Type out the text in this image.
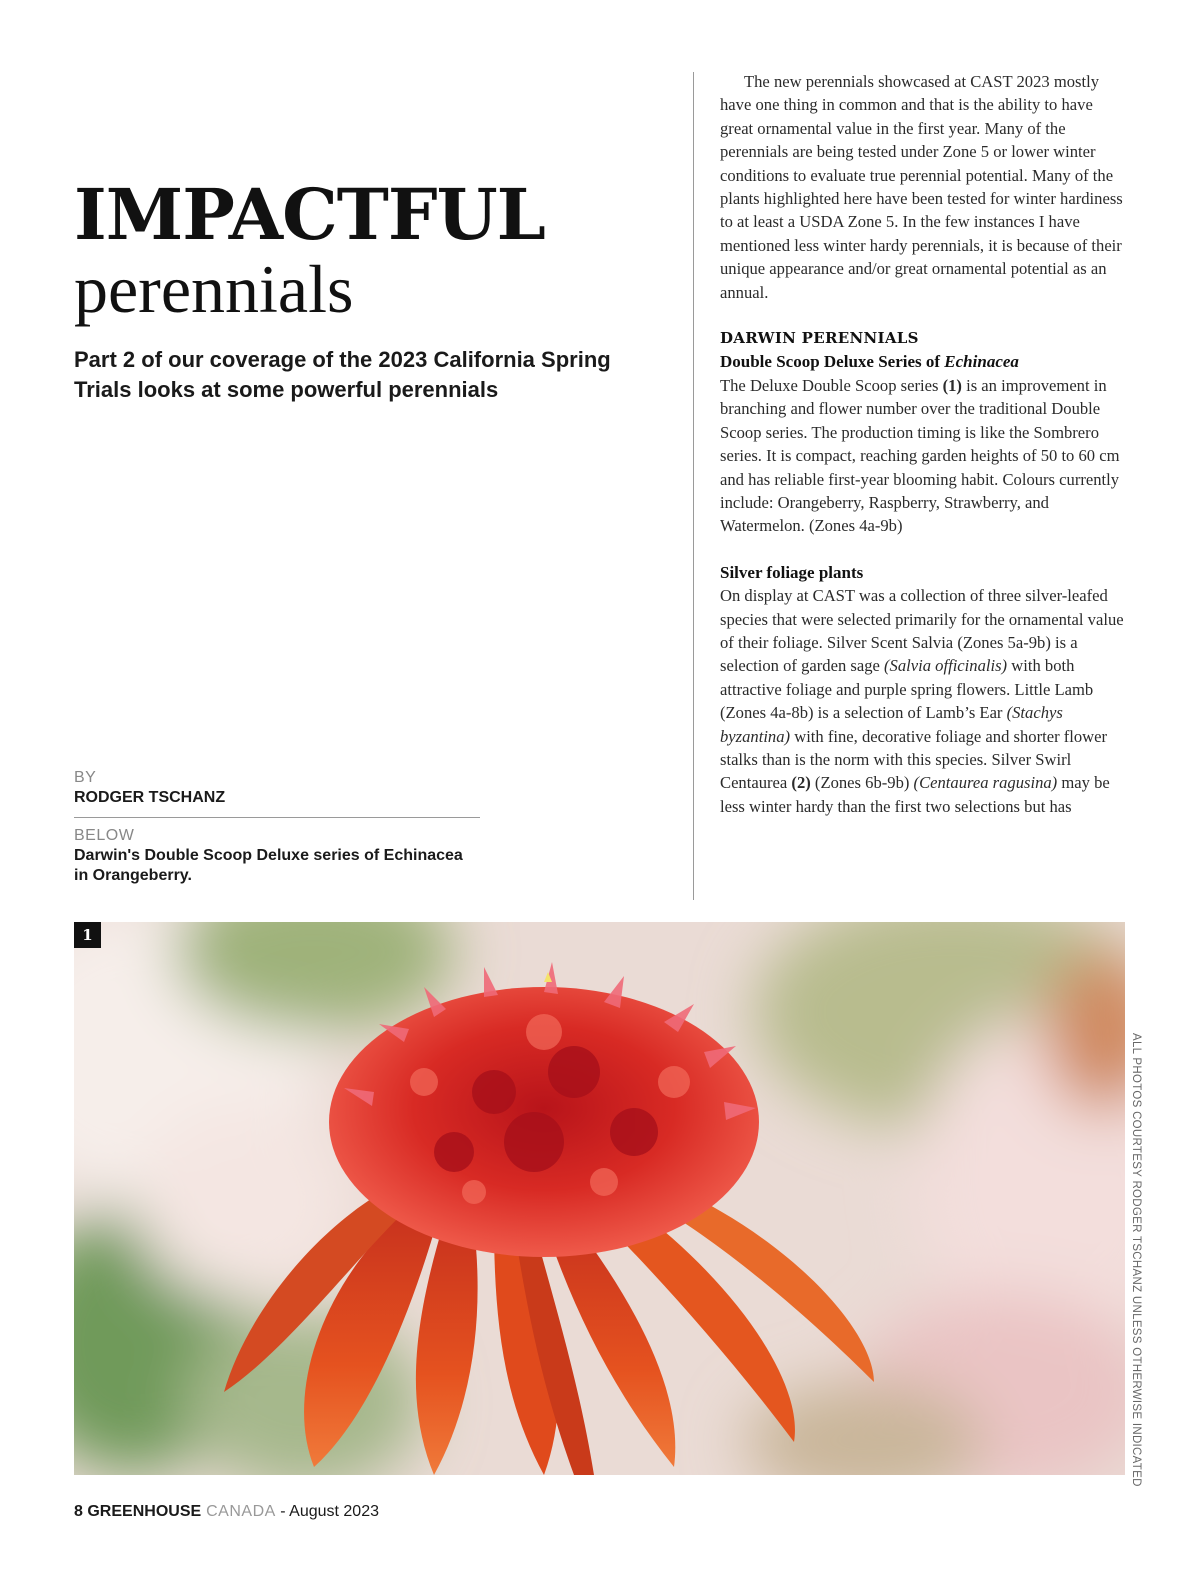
IMPACTFUL
perennials

Part 2 of our coverage of the 2023 California Spring Trials looks at some powerful perennials

BY
RODGER TSCHANZ
BELOW
Darwin's Double Scoop Deluxe series of Echinacea in Orangeberry.

The new perennials showcased at CAST 2023 mostly have one thing in common and that is the ability to have great ornamental value in the first year. Many of the perennials are being tested under Zone 5 or lower winter conditions to evaluate true perennial potential. Many of the plants highlighted here have been tested for winter hardiness to at least a USDA Zone 5. In the few instances I have mentioned less winter hardy perennials, it is because of their unique appearance and/or great ornamental potential as an annual.

DARWIN PERENNIALS

Double Scoop Deluxe Series of Echinacea

The Deluxe Double Scoop series (1) is an improvement in branching and flower number over the traditional Double Scoop series. The production timing is like the Sombrero series. It is compact, reaching garden heights of 50 to 60 cm and has reliable first-year blooming habit. Colours currently include: Orangeberry, Raspberry, Strawberry, and Watermelon. (Zones 4a-9b)

Silver foliage plants

On display at CAST was a collection of three silver-leafed species that were selected primarily for the ornamental value of their foliage. Silver Scent Salvia (Zones 5a-9b) is a selection of garden sage (Salvia officinalis) with both attractive foliage and purple spring flowers. Little Lamb (Zones 4a-8b) is a selection of Lamb’s Ear (Stachys byzantina) with fine, decorative foliage and shorter flower stalks than is the norm with this species. Silver Swirl Centaurea (2) (Zones 6b-9b) (Centaurea ragusina) may be less winter hardy than the first two selections but has

1
ALL PHOTOS COURTESY RODGER TSCHANZ UNLESS OTHERWISE INDICATED
8 GREENHOUSE CANADA - August 2023
